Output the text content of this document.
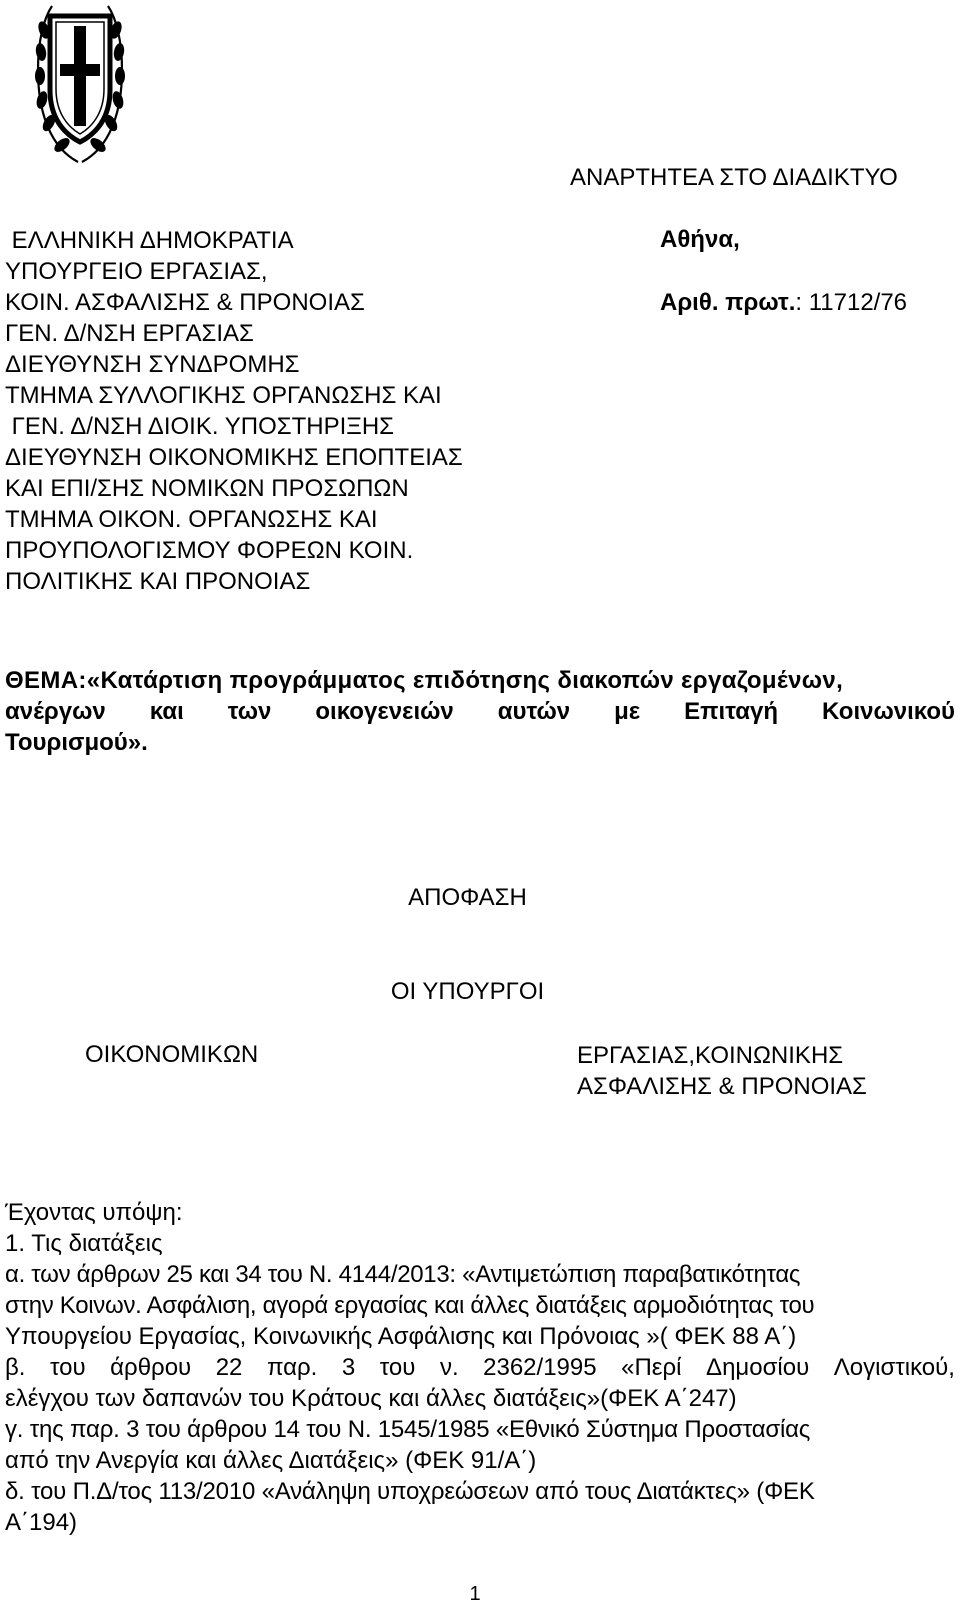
ΑΝΑΡΤΗΤΕΑ ΣΤΟ ΔΙΑΔΙΚΤΥΟ
Αθήνα,
Αριθ. πρωτ.: 11712/76
ΕΛΛΗΝΙΚΗ ΔΗΜΟΚΡΑΤΙΑ
ΥΠΟΥΡΓΕΙΟ ΕΡΓΑΣΙΑΣ,
ΚΟΙΝ. ΑΣΦΑΛΙΣΗΣ & ΠΡΟΝΟΙΑΣ
ΓΕΝ. Δ/ΝΣΗ ΕΡΓΑΣΙΑΣ
ΔΙΕΥΘΥΝΣΗ ΣΥΝΔΡΟΜΗΣ
ΤΜΗΜΑ ΣΥΛΛΟΓΙΚΗΣ ΟΡΓΑΝΩΣΗΣ ΚΑΙ
ΓΕΝ. Δ/ΝΣΗ ΔΙΟΙΚ. ΥΠΟΣΤΗΡΙΞΗΣ
ΔΙΕΥΘΥΝΣΗ ΟΙΚΟΝΟΜΙΚΗΣ ΕΠΟΠΤΕΙΑΣ
ΚΑΙ ΕΠΙ/ΣΗΣ ΝΟΜΙΚΩΝ ΠΡΟΣΩΠΩΝ
ΤΜΗΜΑ ΟΙΚΟΝ. ΟΡΓΑΝΩΣΗΣ ΚΑΙ
ΠΡΟΥΠΟΛΟΓΙΣΜΟΥ ΦΟΡΕΩΝ ΚΟΙΝ.
ΠΟΛΙΤΙΚΗΣ ΚΑΙ ΠΡΟΝΟΙΑΣ
ΘΕΜΑ:«Κατάρτιση προγράμματος επιδότησης διακοπών εργαζομένων,
ανέργων και των οικογενειών αυτών με Επιταγή Κοινωνικού
Τουρισμού».
ΑΠΟΦΑΣΗ
ΟΙ ΥΠΟΥΡΓΟΙ
ΟΙΚΟΝΟΜΙΚΩΝ	ΕΡΓΑΣΙΑΣ,ΚΟΙΝΩΝΙΚΗΣ
ΑΣΦΑΛΙΣΗΣ & ΠΡΟΝΟΙΑΣ
Έχοντας υπόψη:
1. Τις διατάξεις
α. των άρθρων 25 και 34 του Ν. 4144/2013: «Αντιμετώπιση παραβατικότητας
στην Κοινων. Ασφάλιση, αγορά εργασίας και άλλες διατάξεις αρμοδιότητας του
Υπουργείου Εργασίας, Κοινωνικής Ασφάλισης και Πρόνοιας »( ΦΕΚ 88 Α΄)
β. του άρθρου 22 παρ. 3 του ν. 2362/1995 «Περί Δημοσίου Λογιστικού,
ελέγχου των δαπανών του Κράτους και άλλες διατάξεις»(ΦΕΚ Α΄247)
γ. της παρ. 3 του άρθρου 14 του Ν. 1545/1985 «Εθνικό Σύστημα Προστασίας
από την Ανεργία και άλλες Διατάξεις» (ΦΕΚ 91/Α΄)
δ. του Π.Δ/τος 113/2010 «Ανάληψη υποχρεώσεων από τους Διατάκτες» (ΦΕΚ
Α΄194)
1
